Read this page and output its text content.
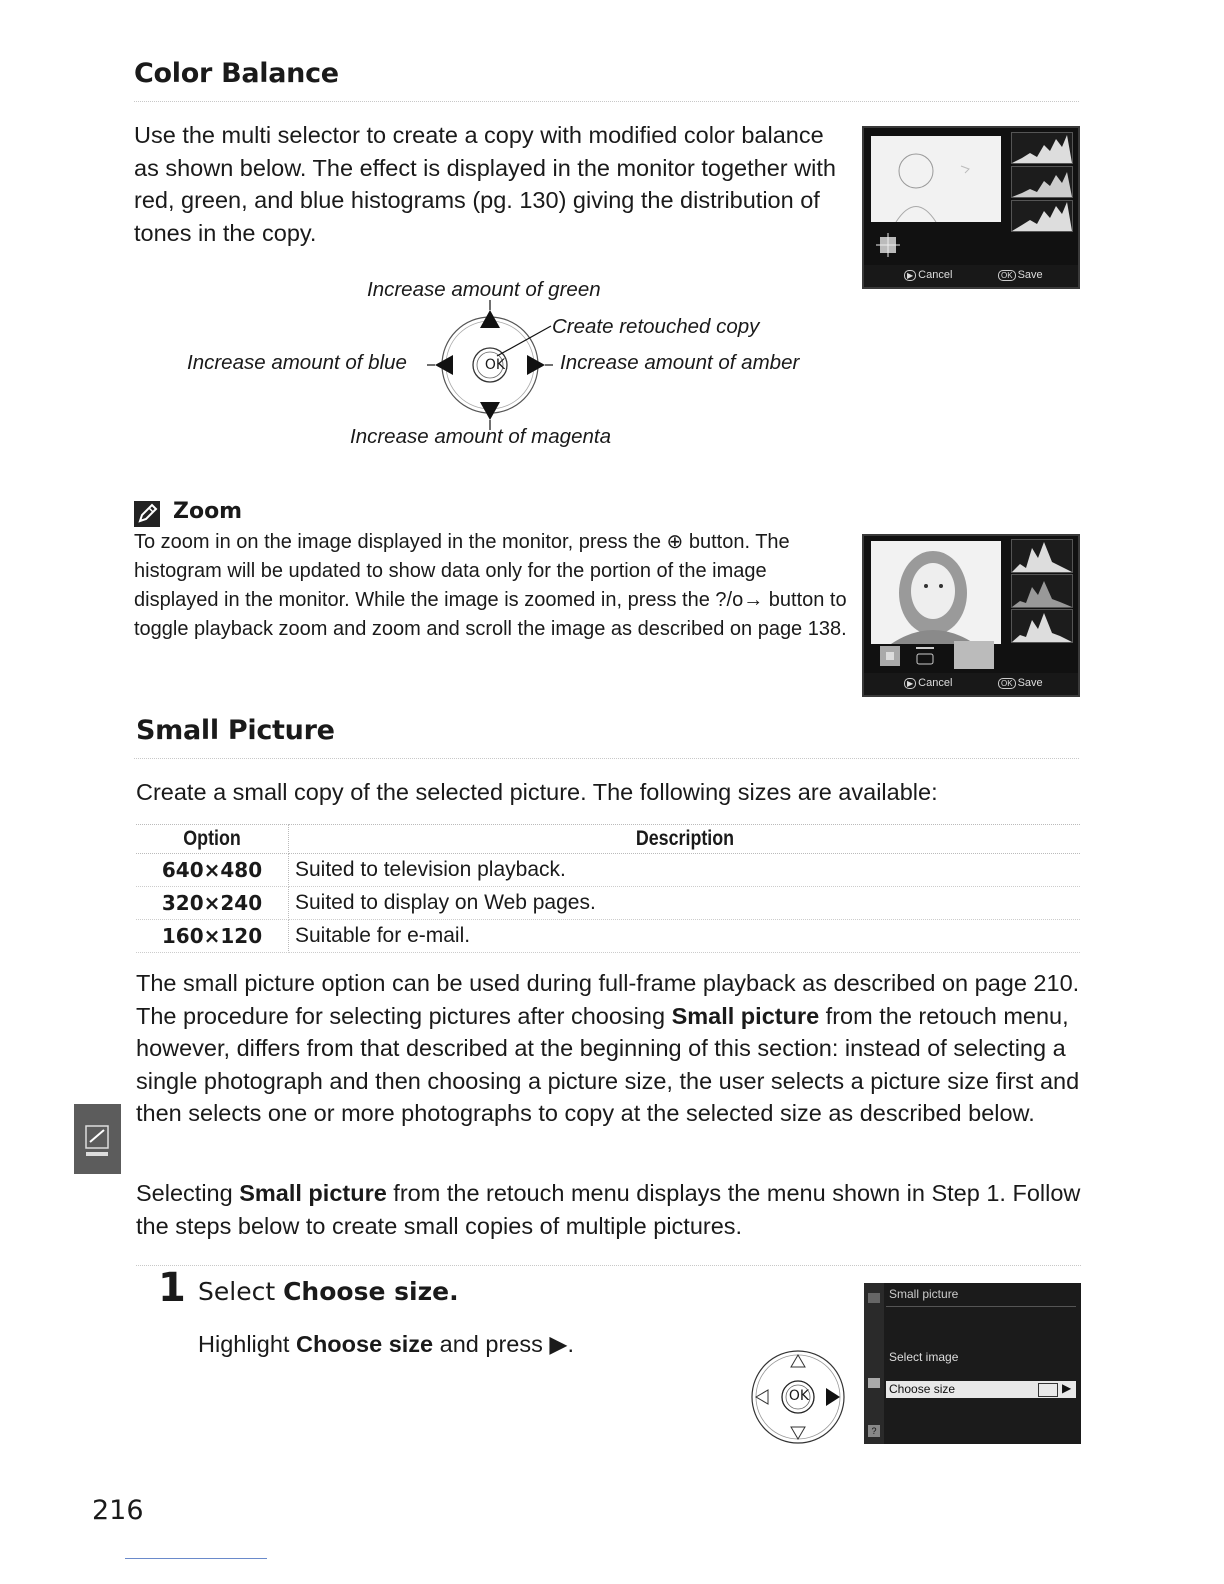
Color Balance
Use the multi selector to create a copy with modified color balance as shown below. The effect is displayed in the monitor together with red, green, and blue histograms (pg. 130) giving the distribution of tones in the copy.
▶ Cancel	OK Save
Increase amount of green
Create retouched copy
Increase amount of blue	Increase amount of amber
Increase amount of magenta
OK
Zoom
To zoom in on the image displayed in the monitor, press the ⊕ button. The histogram will be updated to show data only for the portion of the image displayed in the monitor. While the image is zoomed in, press the ?/o→ button to toggle playback zoom and zoom and scroll the image as described on page 138.
▶ Cancel	OK Save
Small Picture
Create a small copy of the selected picture. The following sizes are available:
Option	Description
640×480	Suited to television playback.
320×240	Suited to display on Web pages.
160×120	Suitable for e-mail.
The small picture option can be used during full-frame playback as described on page 210. The procedure for selecting pictures after choosing Small picture from the retouch menu, however, differs from that described at the beginning of this section: instead of selecting a single photograph and then choosing a picture size, the user selects a picture size first and then selects one or more photographs to copy at the selected size as described below.
Selecting Small picture from the retouch menu displays the menu shown in Step 1. Follow the steps below to create small copies of multiple pictures.
1 Select Choose size.
Highlight Choose size and press ▶.
OK
?
Small picture
Select image
Choose size	▶
216
